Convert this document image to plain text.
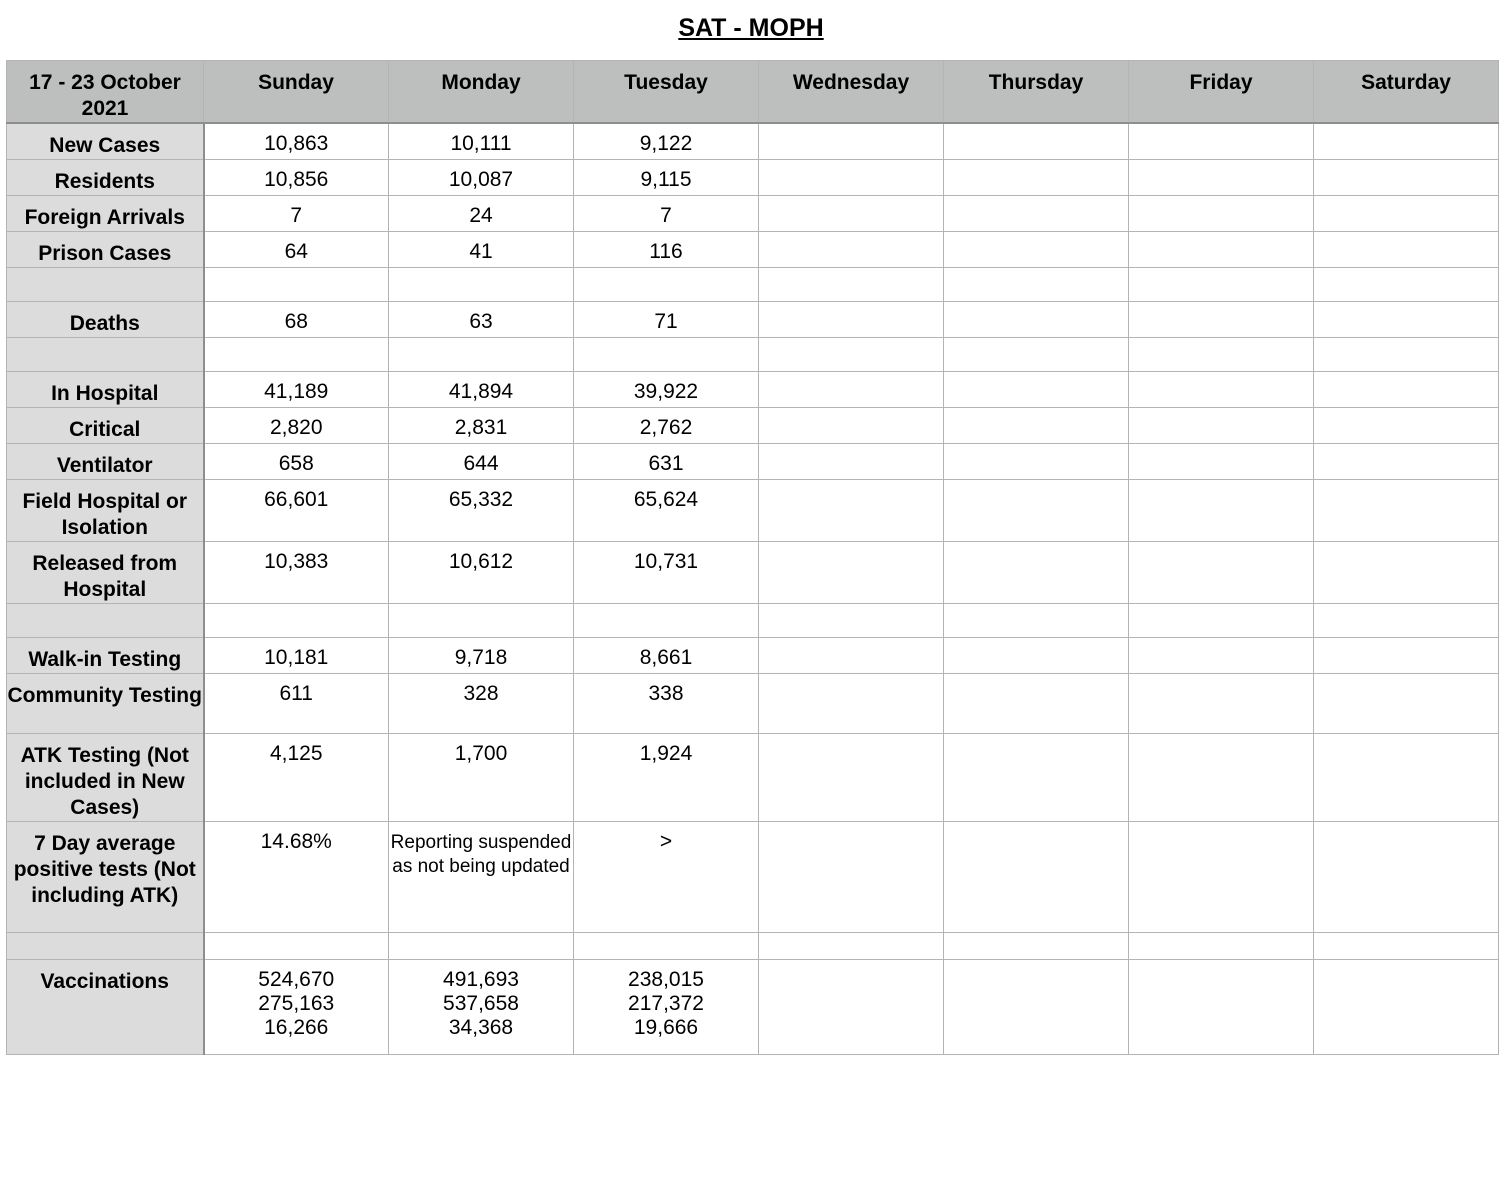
SAT - MOPH
17 - 23 October 2021	Sunday	Monday	Tuesday	Wednesday	Thursday	Friday	Saturday
New Cases	10,863	10,111	9,122				
Residents	10,856	10,087	9,115				
Foreign Arrivals	7	24	7				
Prison Cases	64	41	116				

Deaths	68	63	71				

In Hospital	41,189	41,894	39,922				
Critical	2,820	2,831	2,762				
Ventilator	658	644	631				
Field Hospital or Isolation	66,601	65,332	65,624				
Released from Hospital	10,383	10,612	10,731				

Walk-in Testing	10,181	9,718	8,661				
Community Testing	611	328	338				
ATK Testing (Not included in New Cases)	4,125	1,700	1,924				
7 Day average positive tests (Not including ATK)	14.68%	Reporting suspended as not being updated	>				

Vaccinations	524,670
275,163
16,266	491,693
537,658
34,368	238,015
217,372
19,666				
